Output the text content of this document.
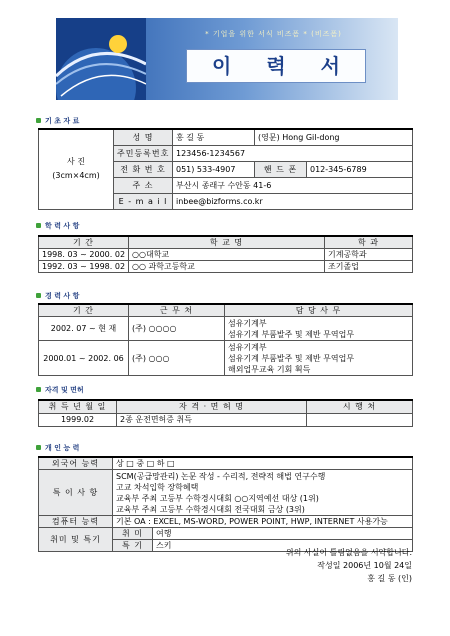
* 기업을 위한 서식 비즈폼 * (비즈폼)
이 력 서
기 초 자 료
사 진
(3cm×4cm)	성 명	홍 길 동	(영문) Hong Gil-dong	
	주민등록번호	123456-1234567		
	전 화 번 호	051) 533-4907	핸 드 폰	012-345-6789
	주 소	부산시 종래구 수안동 41-6		
	E - m a i l	inbee@bizforms.co.kr		
학 력 사 항
기 간	학 교 명	학 과
1998. 03 ~ 2000. 02	○○대학교	기계공학과
1992. 03 ~ 1998. 02	○○ 과학고등학교	조기졸업
경 력 사 항
기 간	근 무 처	담 당 사 무
2002. 07 ~ 현 재	(주) ○○○○	섬유기계부
섬유기계 부품발주 및 제반 무역업무

2000.01 ~ 2002. 06	(주) ○○○	섬유기계부
섬유기계 부품발주 및 제반 무역업무
해외업무교육 기회 획득
자격 및 면허
취 득 년 월 일	자 격 · 면 허 명	시 행 처
1999.02	2종 운전면허증 취득	
개 인 능 력
외국어 능력	상 □ 중 □ 하 □	
특 이 사 항	SCM(공급망관리) 논문 작성 - 수리적, 전략적 해법 연구수행
고교 차석입학 장학혜택
교육부 주최 고등부 수학경시대회 ○○지역예선 대상 (1위)
교육부 주최 고등부 수학경시대회 전국대회 금상 (3위)	

컴퓨터 능력	기본 OA : EXCEL, MS-WORD, POWER POINT, HWP, INTERNET 사용가능	
취미 및 특기	취 미	여행
	특 기	스키
위의 사실이 틀림없음을 서약합니다.
작성일 2006년 10월 24일
홍 길 동 (인)
